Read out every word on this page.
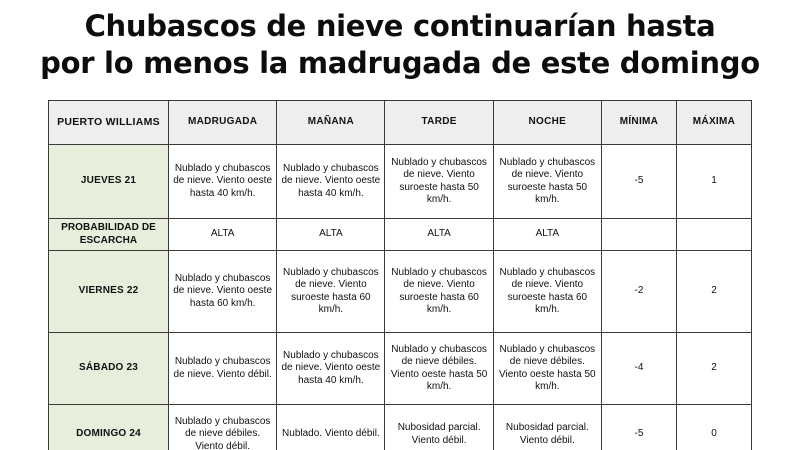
Chubascos de nieve continuarían hasta
por lo menos la madrugada de este domingo
PUERTO WILLIAMS	MADRUGADA	MAÑANA	TARDE	NOCHE	MÍNIMA	MÁXIMA
JUEVES 21	Nublado y chubascos de nieve. Viento oeste hasta 40 km/h.	Nublado y chubascos de nieve. Viento oeste hasta 40 km/h.	Nublado y chubascos de nieve. Viento suroeste hasta 50 km/h.	Nublado y chubascos de nieve. Viento suroeste hasta 50 km/h.	-5	1
PROBABILIDAD DE ESCARCHA	ALTA	ALTA	ALTA	ALTA		
VIERNES 22	Nublado y chubascos de nieve. Viento oeste hasta 60 km/h.	Nublado y chubascos de nieve. Viento suroeste hasta 60 km/h.	Nublado y chubascos de nieve. Viento suroeste hasta 60 km/h.	Nublado y chubascos de nieve. Viento suroeste hasta 60 km/h.	-2	2
SÁBADO 23	Nublado y chubascos de nieve. Viento débil.	Nublado y chubascos de nieve. Viento oeste hasta 40 km/h.	Nublado y chubascos de nieve débiles. Viento oeste hasta 50 km/h.	Nublado y chubascos de nieve débiles. Viento oeste hasta 50 km/h.	-4	2
DOMINGO 24	Nublado y chubascos de nieve débiles. Viento débil.	Nublado. Viento débil.	Nubosidad parcial. Viento débil.	Nubosidad parcial. Viento débil.	-5	0
